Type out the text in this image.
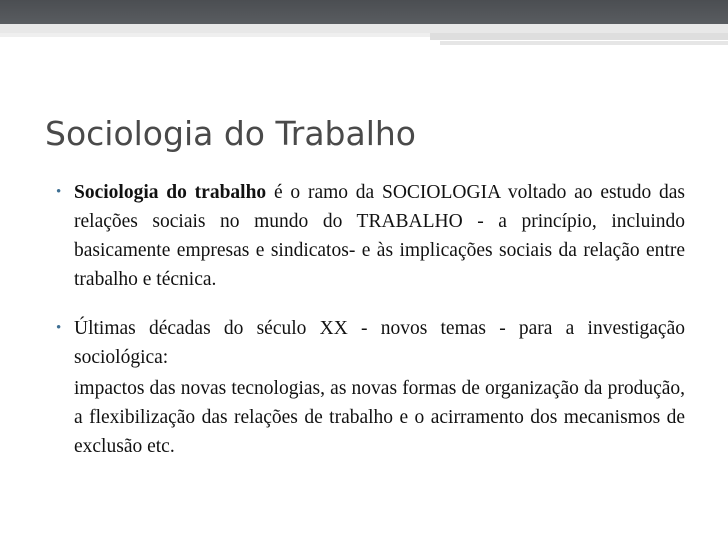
Sociologia do Trabalho
• Sociologia do trabalho é o ramo da SOCIOLOGIA voltado ao estudo das relações sociais no mundo do TRABALHO - a princípio, incluindo basicamente empresas e sindicatos- e às implicações sociais da relação entre trabalho e técnica.
• Últimas décadas do século XX - novos temas - para a investigação sociológica:

impactos das novas tecnologias, as novas formas de organização da produção, a flexibilização das relações de trabalho e o acirramento dos mecanismos de exclusão etc.
